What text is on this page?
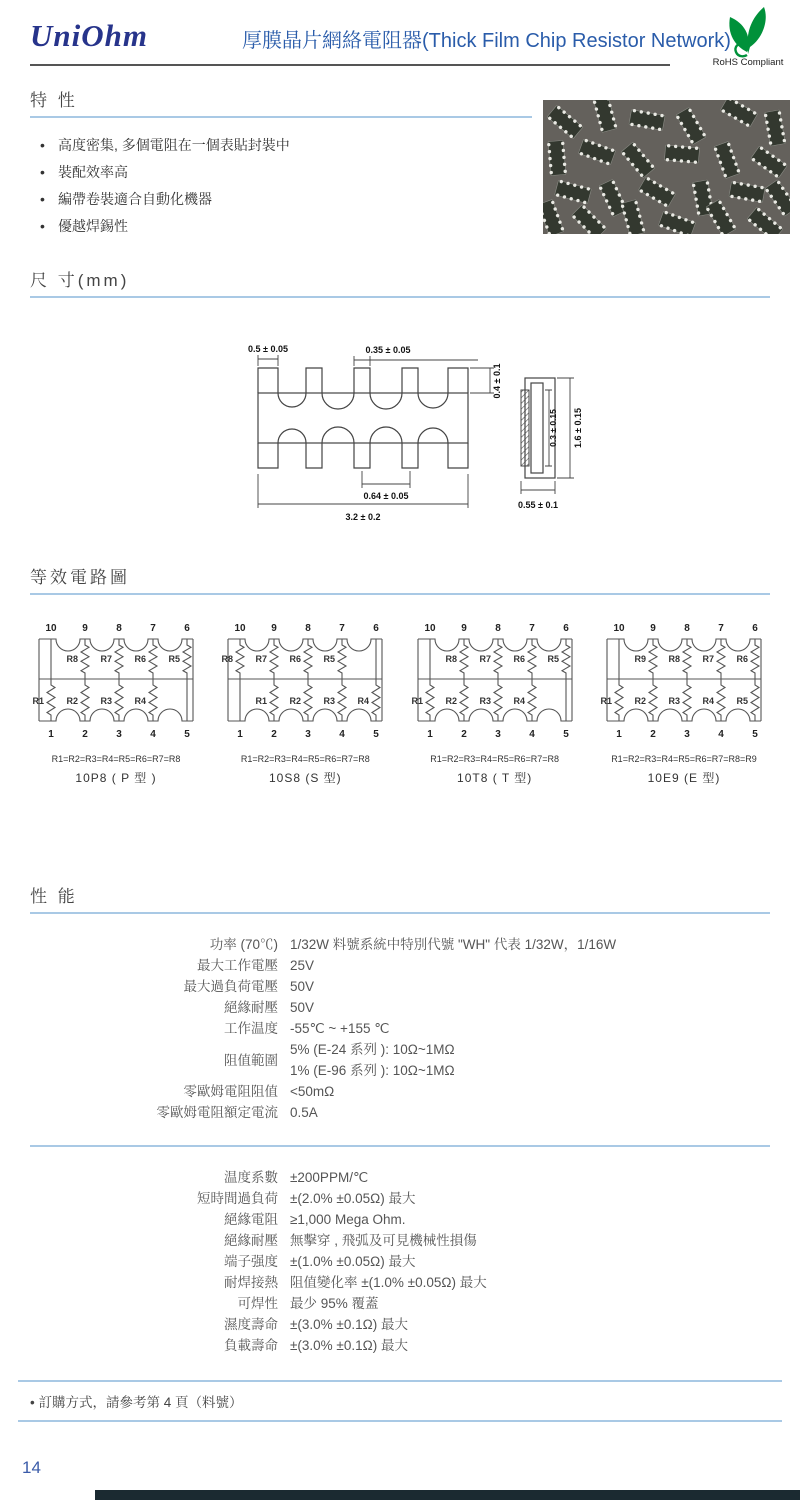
UniOhm	厚膜晶片網絡電阻器(Thick Film Chip Resistor Network)
RoHS Compliant
特 性
• 高度密集, 多個電阻在一個表貼封裝中
• 裝配效率高
• 編帶卷裝適合自動化機器
• 優越焊錫性
尺 寸(mm)
0.5 ± 0.05	0.35 ± 0.05
0.4 ± 0.1
0.64 ± 0.05
3.2 ± 0.2
0.3 ± 0.15 1.6 ± 0.15
0.55 ± 0.1
等效電路圖
R8 R7 R6 R5
R1 R2 R3 R4
10	9	8	7	6
1	2	3	4	5
R1=R2=R3=R4=R5=R6=R7=R8
10P8 ( P 型 )
R8 R7 R6 R5
R1 R2 R3 R4
10	9	8	7	6
1	2	3	4	5
R1=R2=R3=R4=R5=R6=R7=R8
10S8 (S 型)
R8 R7 R6 R5
R1 R2 R3 R4
10	9	8	7	6
1	2	3	4	5
R1=R2=R3=R4=R5=R6=R7=R8
10T8 ( T 型)
R9 R8 R7 R6
R1 R2 R3 R4 R5
10	9	8	7	6
1	2	3	4	5
R1=R2=R3=R4=R5=R6=R7=R8=R9
10E9 (E 型)
性 能
功率 (70℃) 1/32W 料號系統中特別代號 "WH" 代表 1/32W，1/16W
最大工作電壓 25V
最大過負荷電壓 50V
絕緣耐壓 50V
工作温度 -55℃ ~ +155 ℃
阻值範圍
5% (E-24 系列 ): 10Ω~1MΩ
1% (E-96 系列 ): 10Ω~1MΩ
零歐姆電阻阻值 <50mΩ
零歐姆電阻額定電流 0.5A
温度系數 ±200PPM/℃
短時間過負荷 ±(2.0% ±0.05Ω) 最大
絕緣電阻 ≥1,000 Mega Ohm.
絕緣耐壓 無擊穿 , 飛弧及可見機械性損傷
端子强度 ±(1.0% ±0.05Ω) 最大
耐焊接熱 阻值變化率 ±(1.0% ±0.05Ω) 最大
可焊性 最少 95% 覆蓋
濕度壽命 ±(3.0% ±0.1Ω) 最大
負載壽命 ±(3.0% ±0.1Ω) 最大
• 訂購方式，請參考第 4 頁（料號）
14
